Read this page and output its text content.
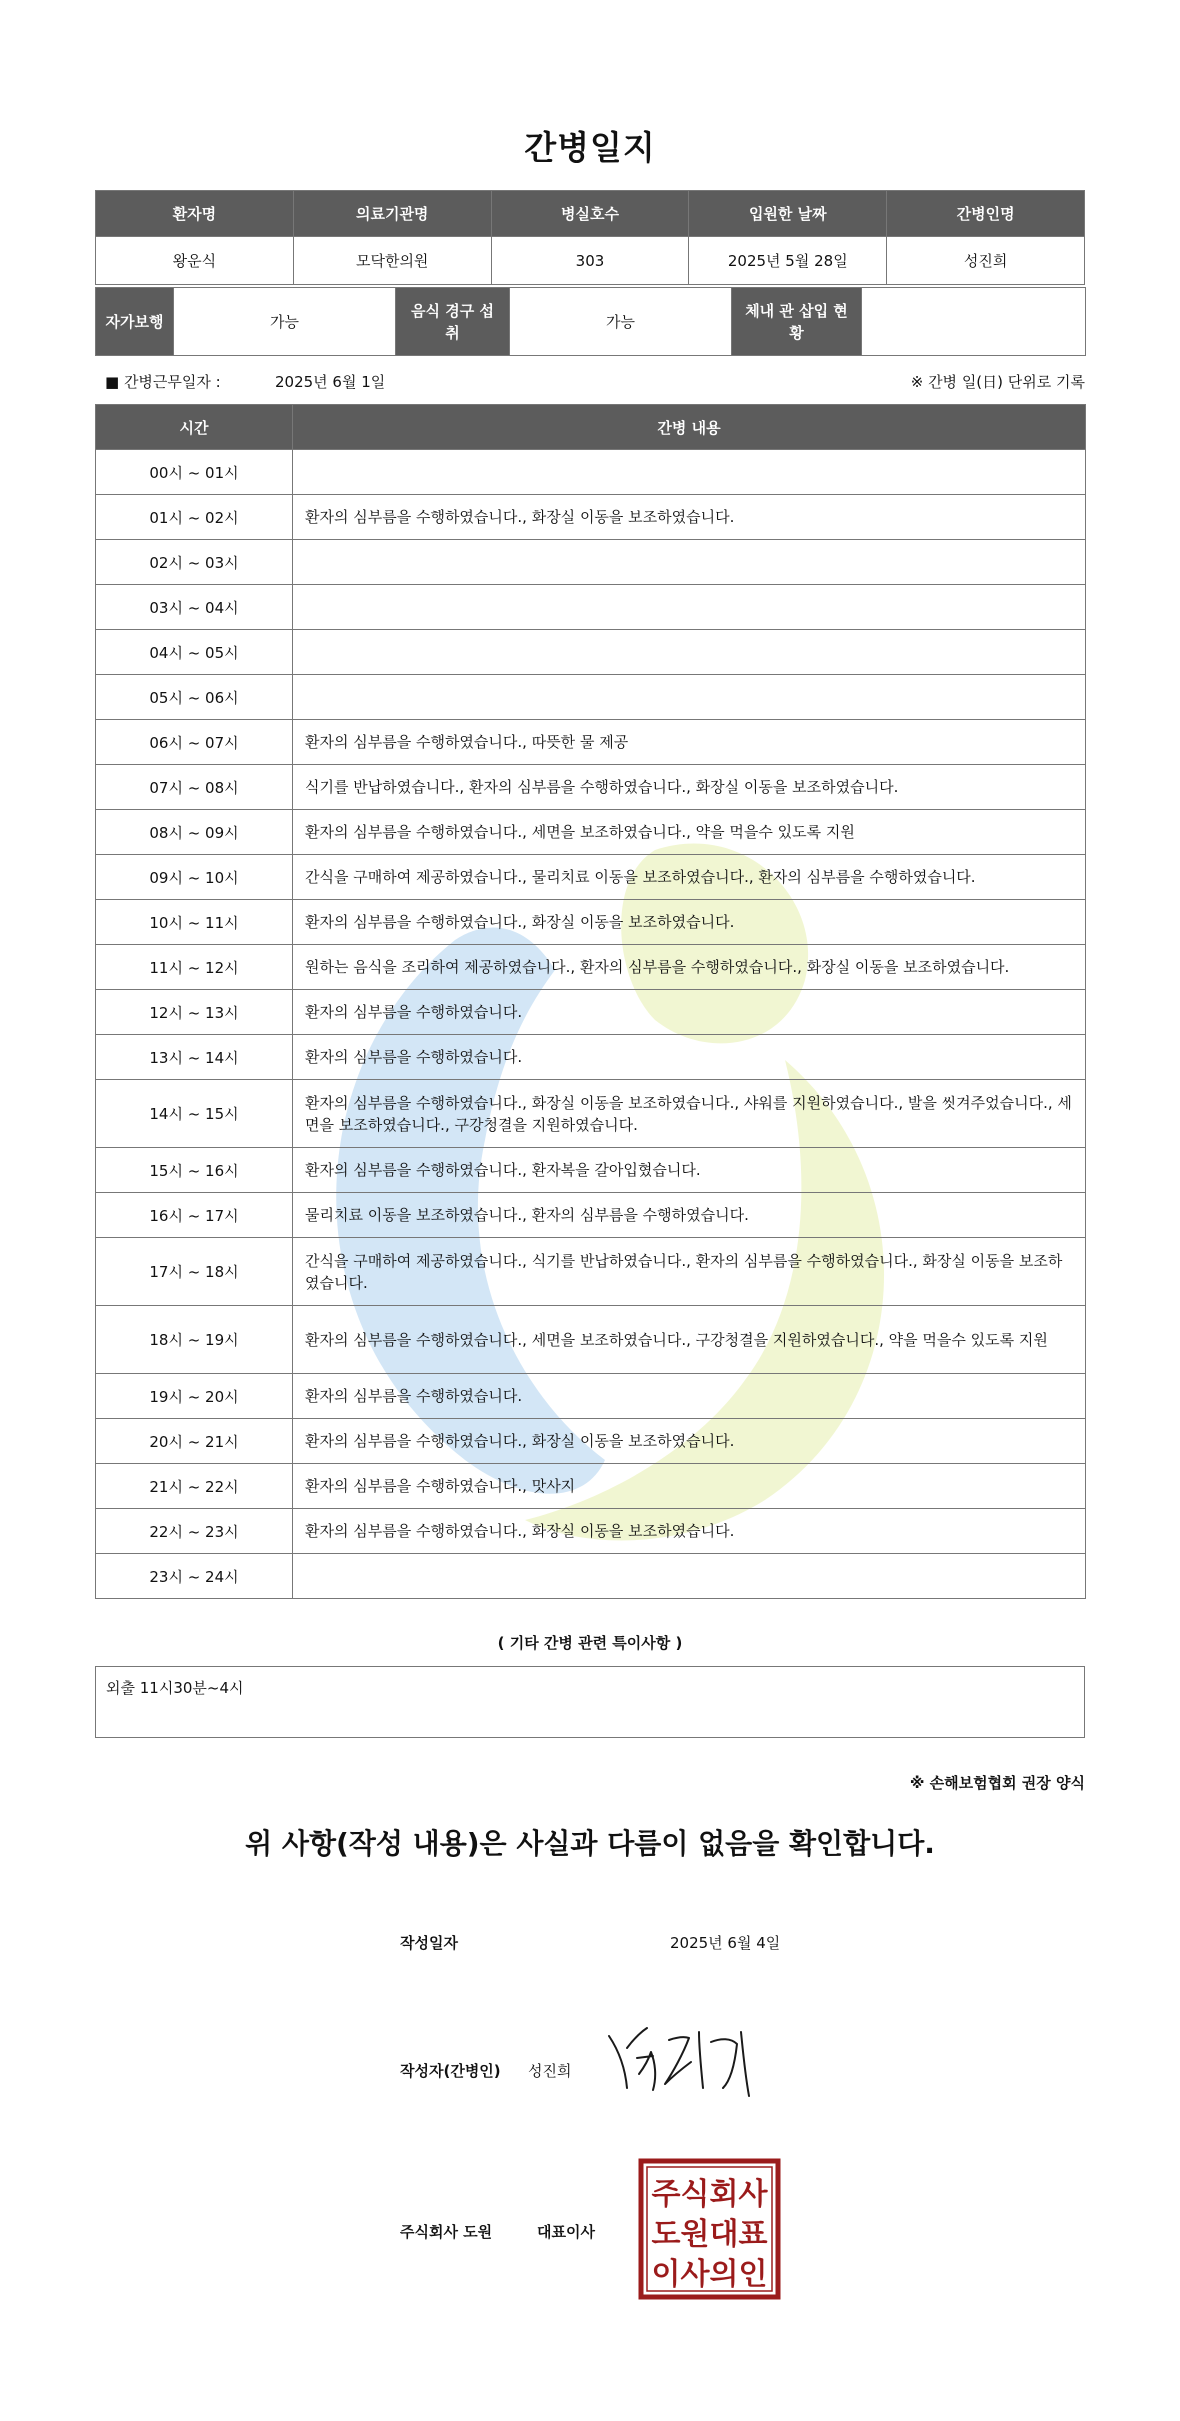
간병일지
환자명	의료기관명	병실호수	입원한 날짜	간병인명
왕운식	모닥한의원	303	2025년 5월 28일	성진희
자가보행	가능	음식 경구 섭취	가능	체내 관 삽입 현황	
■ 간병근무일자 :	2025년 6월 1일	※ 간병 일(日) 단위로 기록
시간	간병 내용
00시 ~ 01시	
01시 ~ 02시	환자의 심부름을 수행하였습니다., 화장실 이동을 보조하였습니다.
02시 ~ 03시	
03시 ~ 04시	
04시 ~ 05시	
05시 ~ 06시	
06시 ~ 07시	환자의 심부름을 수행하였습니다., 따뜻한 물 제공
07시 ~ 08시	식기를 반납하였습니다., 환자의 심부름을 수행하였습니다., 화장실 이동을 보조하였습니다.
08시 ~ 09시	환자의 심부름을 수행하였습니다., 세면을 보조하였습니다., 약을 먹을수 있도록 지원
09시 ~ 10시	간식을 구매하여 제공하였습니다., 물리치료 이동을 보조하였습니다., 환자의 심부름을 수행하였습니다.
10시 ~ 11시	환자의 심부름을 수행하였습니다., 화장실 이동을 보조하였습니다.
11시 ~ 12시	원하는 음식을 조리하여 제공하였습니다., 환자의 심부름을 수행하였습니다., 화장실 이동을 보조하였습니다.
12시 ~ 13시	환자의 심부름을 수행하였습니다.
13시 ~ 14시	환자의 심부름을 수행하였습니다.
14시 ~ 15시	환자의 심부름을 수행하였습니다., 화장실 이동을 보조하였습니다., 샤워를 지원하였습니다., 발을 씻겨주었습니다., 세면을 보조하였습니다., 구강청결을 지원하였습니다.
15시 ~ 16시	환자의 심부름을 수행하였습니다., 환자복을 갈아입혔습니다.
16시 ~ 17시	물리치료 이동을 보조하였습니다., 환자의 심부름을 수행하였습니다.
17시 ~ 18시	간식을 구매하여 제공하였습니다., 식기를 반납하였습니다., 환자의 심부름을 수행하였습니다., 화장실 이동을 보조하였습니다.
18시 ~ 19시	환자의 심부름을 수행하였습니다., 세면을 보조하였습니다., 구강청결을 지원하였습니다., 약을 먹을수 있도록 지원
19시 ~ 20시	환자의 심부름을 수행하였습니다.
20시 ~ 21시	환자의 심부름을 수행하였습니다., 화장실 이동을 보조하였습니다.
21시 ~ 22시	환자의 심부름을 수행하였습니다., 맛사지
22시 ~ 23시	환자의 심부름을 수행하였습니다., 화장실 이동을 보조하였습니다.
23시 ~ 24시	
( 기타 간병 관련 특이사항 )
외출 11시30분~4시
※ 손해보험협회 권장 양식
위 사항(작성 내용)은 사실과 다름이 없음을 확인합니다.
작성일자	2025년 6월 4일
작성자(간병인) 성진희
주식회사 도원	대표이사
주식회사
도원대표
이사의인
